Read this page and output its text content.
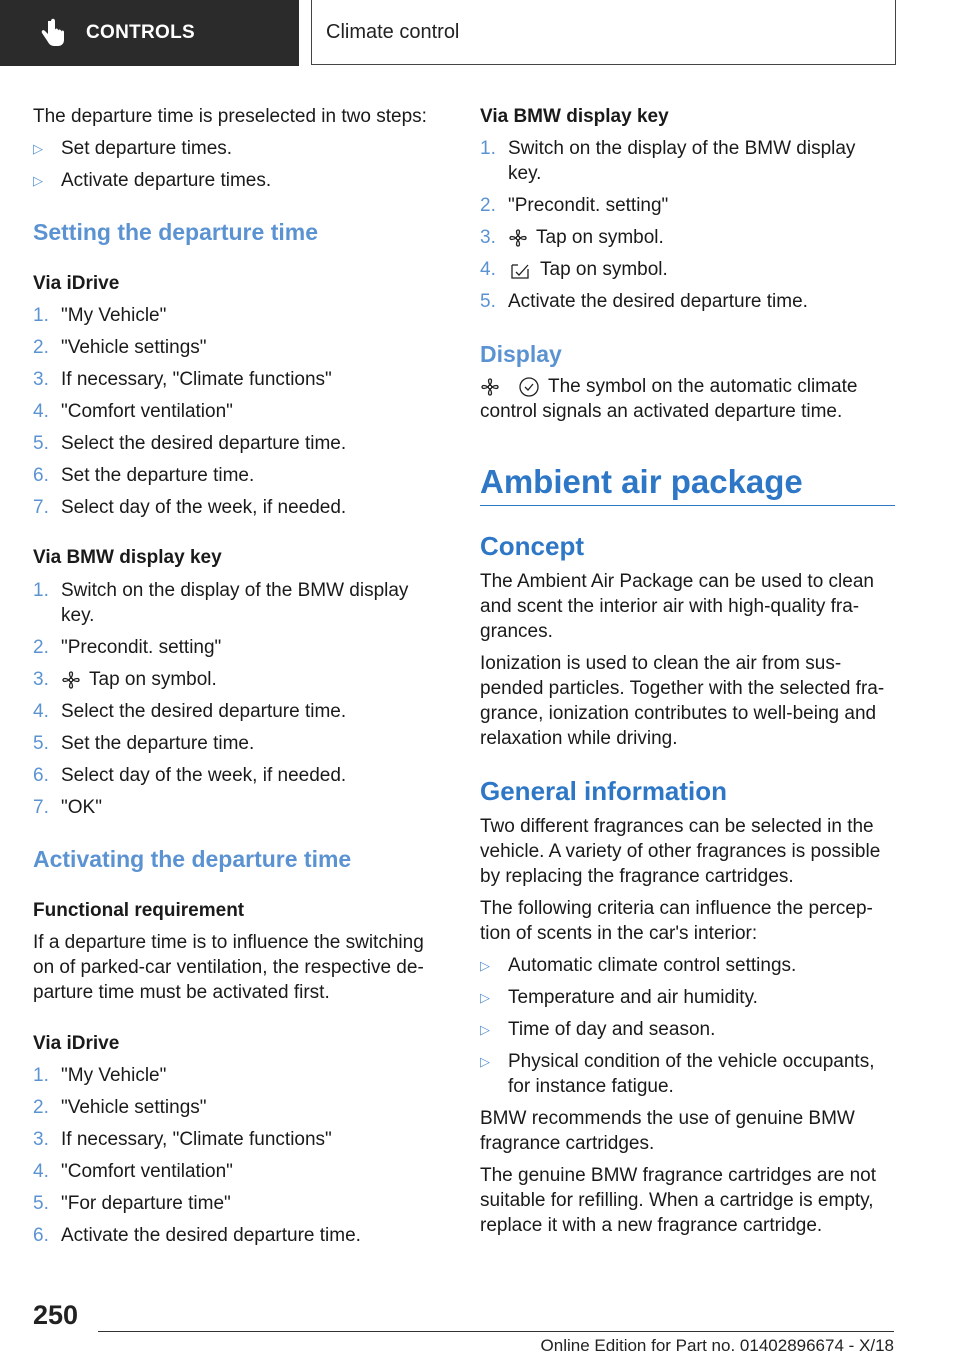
CONTROLS	Climate control

The departure time is preselected in two steps:

▷ Set departure times.
▷ Activate departure times.

Setting the departure time

Via iDrive

1. "My Vehicle"
2. "Vehicle settings"
3. If necessary, "Climate functions"
4. "Comfort ventilation"
5. Select the desired departure time.
6. Set the departure time.
7. Select day of the week, if needed.

Via BMW display key

1. Switch on the display of the BMW display key.
2. "Precondit. setting"
3.	Tap on symbol.
4. Select the desired departure time.
5. Set the departure time.
6. Select day of the week, if needed.
7. "OK"

Activating the departure time

Functional requirement

If a departure time is to influence the switching on of parked-car ventilation, the respective de‐parture time must be activated first.

Via iDrive

1. "My Vehicle"
2. "Vehicle settings"
3. If necessary, "Climate functions"
4. "Comfort ventilation"
5. "For departure time"
6. Activate the desired departure time.

Via BMW display key

1. Switch on the display of the BMW display key.
2. "Precondit. setting"
3.	Tap on symbol.
4.	Tap on symbol.
5. Activate the desired departure time.

Display

The symbol on the automatic climate control signals an activated departure time.

Ambient air package

Concept

The Ambient Air Package can be used to clean and scent the interior air with high-quality fra‐grances.

Ionization is used to clean the air from sus‐pended particles. Together with the selected fra‐grance, ionization contributes to well-being and relaxation while driving.

General information

Two different fragrances can be selected in the vehicle. A variety of other fragrances is possible by replacing the fragrance cartridges.

The following criteria can influence the percep‐tion of scents in the car's interior:

▷ Automatic climate control settings.
▷ Temperature and air humidity.
▷ Time of day and season.
▷ Physical condition of the vehicle occupants, for instance fatigue.

BMW recommends the use of genuine BMW fragrance cartridges.

The genuine BMW fragrance cartridges are not suitable for refilling. When a cartridge is empty, replace it with a new fragrance cartridge.

250
Online Edition for Part no. 01402896674 - X/18
